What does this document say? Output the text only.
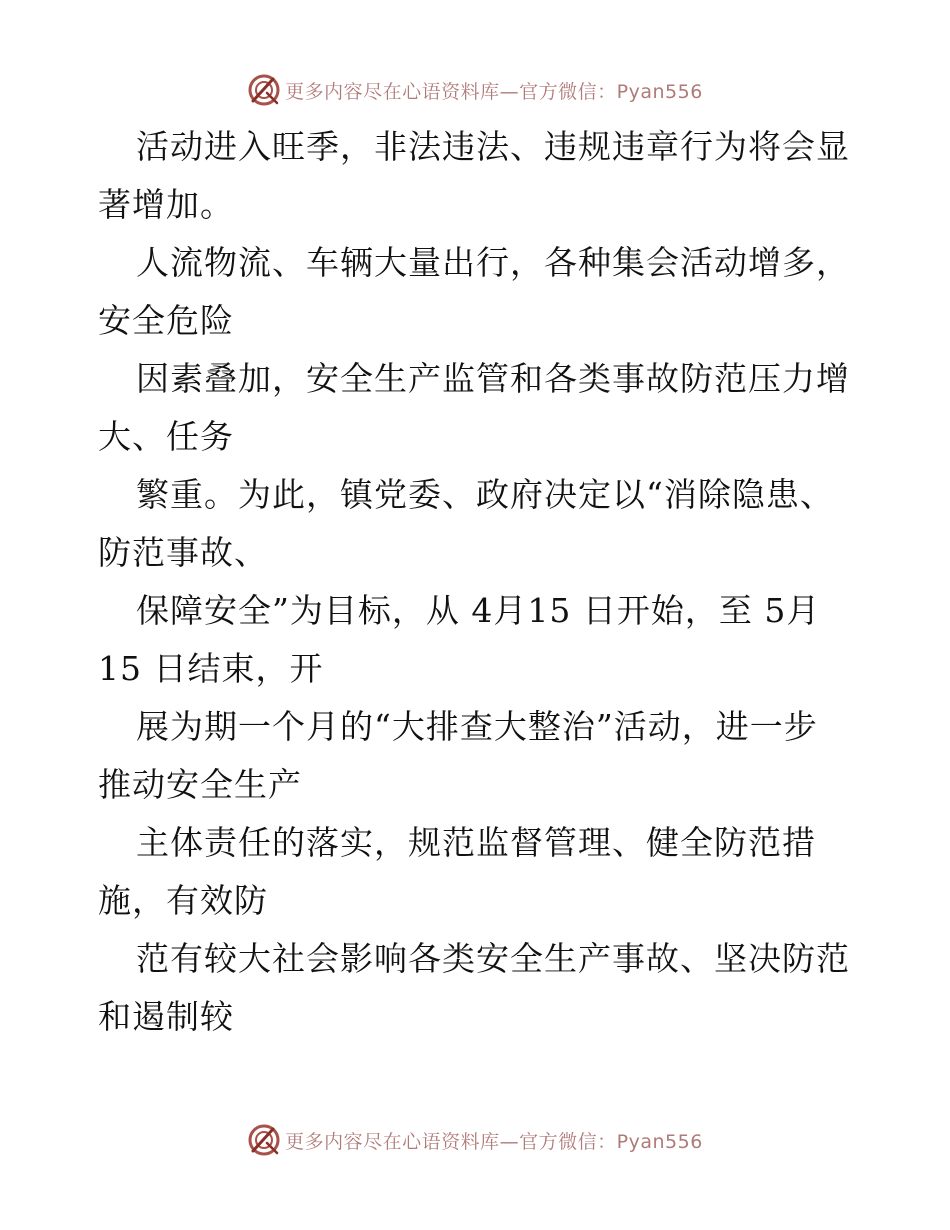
更多内容尽在心语资料库—官方微信：Pyan556
活动进入旺季，非法违法、违规违章行为将会显
著增加。
人流物流、车辆大量出行，各种集会活动增多，
安全危险
因素叠加，安全生产监管和各类事故防范压力增
大、任务
繁重。为此，镇党委、政府决定以“消除隐患、
防范事故、
保障安全”为目标，从 4月15 日开始，至 5月
15 日结束，开
展为期一个月的“大排查大整治”活动，进一步
推动安全生产
主体责任的落实，规范监督管理、健全防范措
施，有效防
范有较大社会影响各类安全生产事故、坚决防范
和遏制较
更多内容尽在心语资料库—官方微信：Pyan556
